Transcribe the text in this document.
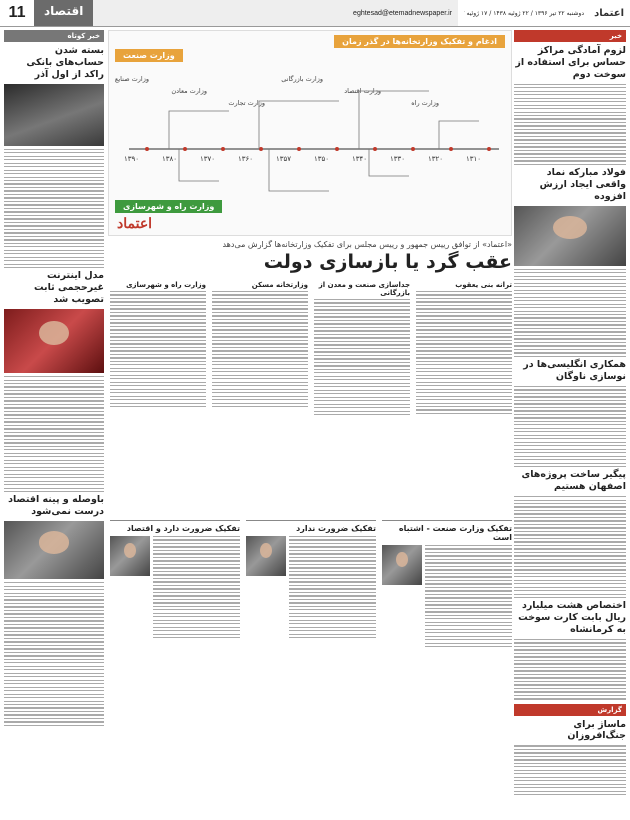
اعتماد
دوشنبه ۲۲ تیر ۱۳۹۶ / ۲۲ ژوئیه ۱۴۳۸ / ۱۷ ژوئیه
eghtesad@etemadnewspaper.ir
اقتصاد
11
خبر
لزوم آمادگی مراکز حساس برای استفاده از سوخت دوم
فولاد مبارکه نماد واقعی ایجاد ارزش افزوده
همکاری انگلیسی‌ها در نوسازی ناوگان
پیگیر ساخت پروژه‌های اصفهان هستیم
اختصاص هشت میلیارد ریال بابت کارت سوخت به کرمانشاه
گزارش
ماساژ برای جنگ‌افروزان
ادغام و تفکیک وزارتخانه‌ها در گذر زمان
وزارت صنعت
وزارت راه و شهرسازی
۱۳۹۰	۱۳۸۰	۱۳۷۰	۱۳۶۰	۱۳۵۷	۱۳۵۰	۱۳۴۰	۱۳۳۰	۱۳۲۰	۱۳۱۰
وزارت صنایع
وزارت معادن
وزارت تجارت
وزارت بازرگانی
وزارت اقتصاد
وزارت راه
اعتماد
«اعتماد» از توافق رییس جمهور و رییس مجلس برای تفکیک وزارتخانه‌ها گزارش می‌دهد
عقب گرد یا بازسازی دولت
ترانه بنی یعقوب
جداسازی صنعت و معدن از بازرگانی
وزارتخانه مسکن
وزارت راه و شهرسازی
تفکیک وزارت صنعت - اشتباه است
تفکیک ضرورت ندارد
تفکیک ضرورت دارد و اقتصاد
خبر کوتاه
بسته شدن حساب‌های بانکی راکد از اول آذر
مدل اینترنت غیرحجمی ثابت تصویب شد
باوصله و پینه اقتصاد درست نمی‌شود
